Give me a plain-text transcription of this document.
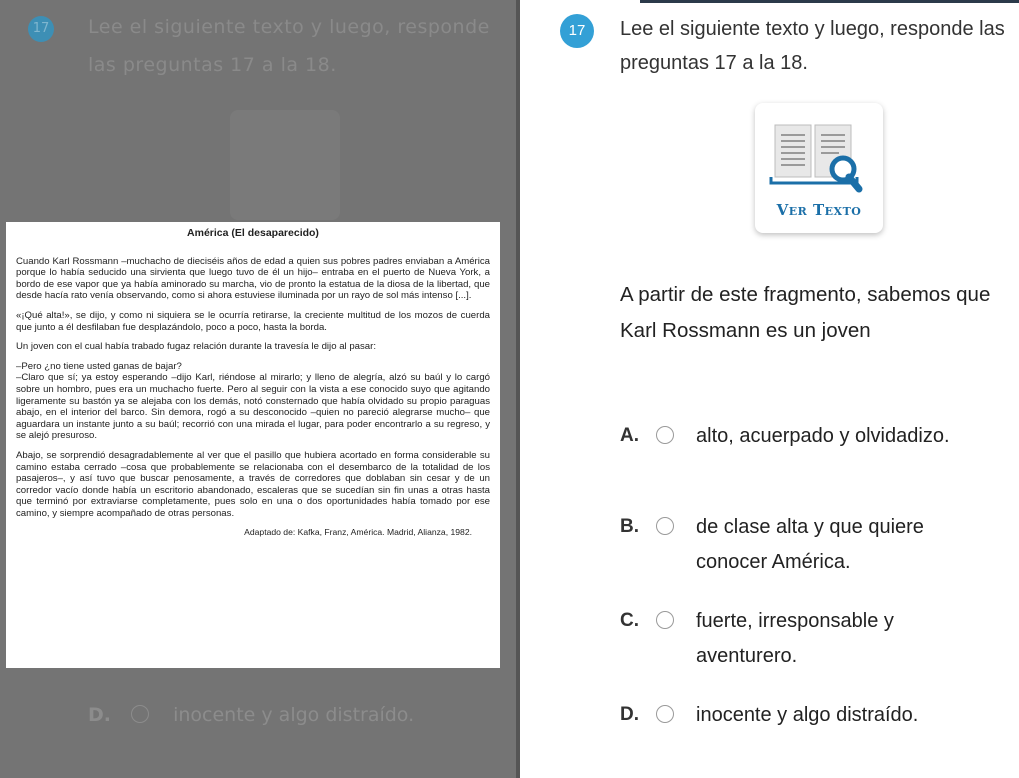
17 Lee el siguiente texto y luego, responde las preguntas 17 a la 18.
D.	inocente y algo distraído.
América (El desaparecido)

Cuando Karl Rossmann –muchacho de dieciséis años de edad a quien sus pobres padres enviaban a América porque lo había seducido una sirvienta que luego tuvo de él un hijo– entraba en el puerto de Nueva York, a bordo de ese vapor que ya había aminorado su marcha, vio de pronto la estatua de la diosa de la libertad, que desde hacía rato venía observando, como si ahora estuviese iluminada por un rayo de sol más intenso [...].

«¡Qué alta!», se dijo, y como ni siquiera se le ocurría retirarse, la creciente multitud de los mozos de cuerda que junto a él desfilaban fue desplazándolo, poco a poco, hasta la borda.

Un joven con el cual había trabado fugaz relación durante la travesía le dijo al pasar:

–Pero ¿no tiene usted ganas de bajar?
–Claro que sí; ya estoy esperando –dijo Karl, riéndose al mirarlo; y lleno de alegría, alzó su baúl y lo cargó sobre un hombro, pues era un muchacho fuerte. Pero al seguir con la vista a ese conocido suyo que agitando ligeramente su bastón ya se alejaba con los demás, notó consternado que había olvidado su propio paraguas abajo, en el interior del barco. Sin demora, rogó a su desconocido –quien no pareció alegrarse mucho– que aguardara un instante junto a su baúl; recorrió con una mirada el lugar, para poder encontrarlo a su regreso, y se alejó presuroso.

Abajo, se sorprendió desagradablemente al ver que el pasillo que hubiera acortado en forma considerable su camino estaba cerrado –cosa que probablemente se relacionaba con el desembarco de la totalidad de los pasajeros–, y así tuvo que buscar penosamente, a través de corredores que doblaban sin cesar y de un corredor vacío donde había un escritorio abandonado, escaleras que se sucedían sin fin unas a otras hasta que terminó por extraviarse completamente, pues solo en una o dos oportunidades había tomado por ese camino, y siempre acompañado de otras personas.

Adaptado de: Kafka, Franz, América. Madrid, Alianza, 1982.
17	Lee el siguiente texto y luego, responde las preguntas 17 a la 18.
Ver Texto
A partir de este fragmento, sabemos que Karl Rossmann es un joven
A.	alto, acuerpado y olvidadizo.
B.	de clase alta y que quiere conocer América.
C.	fuerte, irresponsable y aventurero.
D.	inocente y algo distraído.
